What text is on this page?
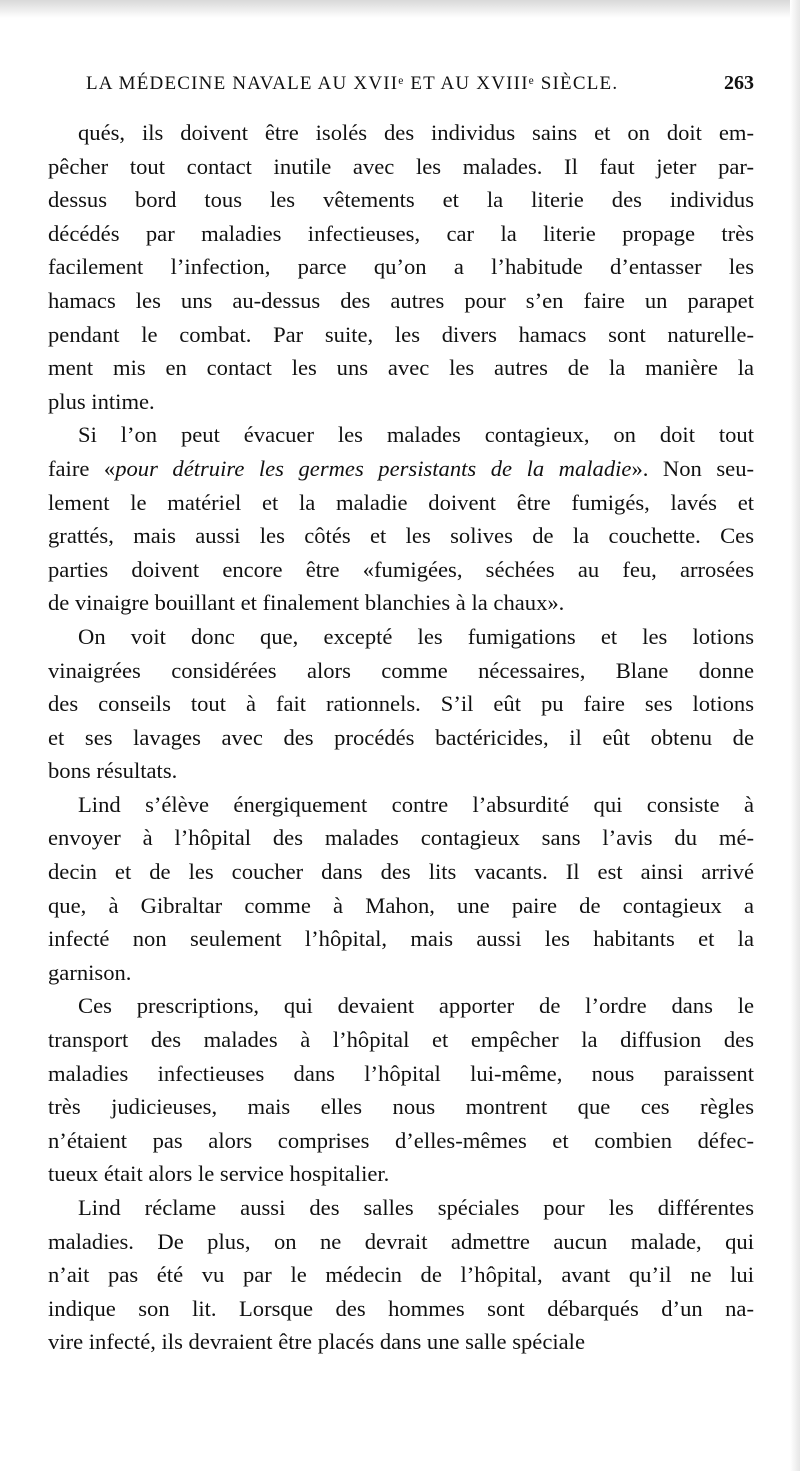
LA MÉDECINE NAVALE AU XVIIᵉ ET AU XVIIIᵉ SIÈCLE.	263

qués, ils doivent être isolés des individus sains et on doit em-
pêcher tout contact inutile avec les malades. Il faut jeter par-
dessus bord tous les vêtements et la literie des individus
décédés par maladies infectieuses, car la literie propage très
facilement l’infection, parce qu’on a l’habitude d’entasser les
hamacs les uns au-dessus des autres pour s’en faire un parapet
pendant le combat. Par suite, les divers hamacs sont naturelle-
ment mis en contact les uns avec les autres de la manière la
plus intime.

Si l’on peut évacuer les malades contagieux, on doit tout
faire «pour détruire les germes persistants de la maladie». Non seu-
lement le matériel et la maladie doivent être fumigés, lavés et
grattés, mais aussi les côtés et les solives de la couchette. Ces
parties doivent encore être «fumigées, séchées au feu, arrosées
de vinaigre bouillant et finalement blanchies à la chaux».

On voit donc que, excepté les fumigations et les lotions
vinaigrées considérées alors comme nécessaires, Blane donne
des conseils tout à fait rationnels. S’il eût pu faire ses lotions
et ses lavages avec des procédés bactéricides, il eût obtenu de
bons résultats.

Lind s’élève énergiquement contre l’absurdité qui consiste à
envoyer à l’hôpital des malades contagieux sans l’avis du mé-
decin et de les coucher dans des lits vacants. Il est ainsi arrivé
que, à Gibraltar comme à Mahon, une paire de contagieux a
infecté non seulement l’hôpital, mais aussi les habitants et la
garnison.

Ces prescriptions, qui devaient apporter de l’ordre dans le
transport des malades à l’hôpital et empêcher la diffusion des
maladies infectieuses dans l’hôpital lui-même, nous paraissent
très judicieuses, mais elles nous montrent que ces règles
n’étaient pas alors comprises d’elles-mêmes et combien défec-
tueux était alors le service hospitalier.

Lind réclame aussi des salles spéciales pour les différentes
maladies. De plus, on ne devrait admettre aucun malade, qui
n’ait pas été vu par le médecin de l’hôpital, avant qu’il ne lui
indique son lit. Lorsque des hommes sont débarqués d’un na-
vire infecté, ils devraient être placés dans une salle spéciale
